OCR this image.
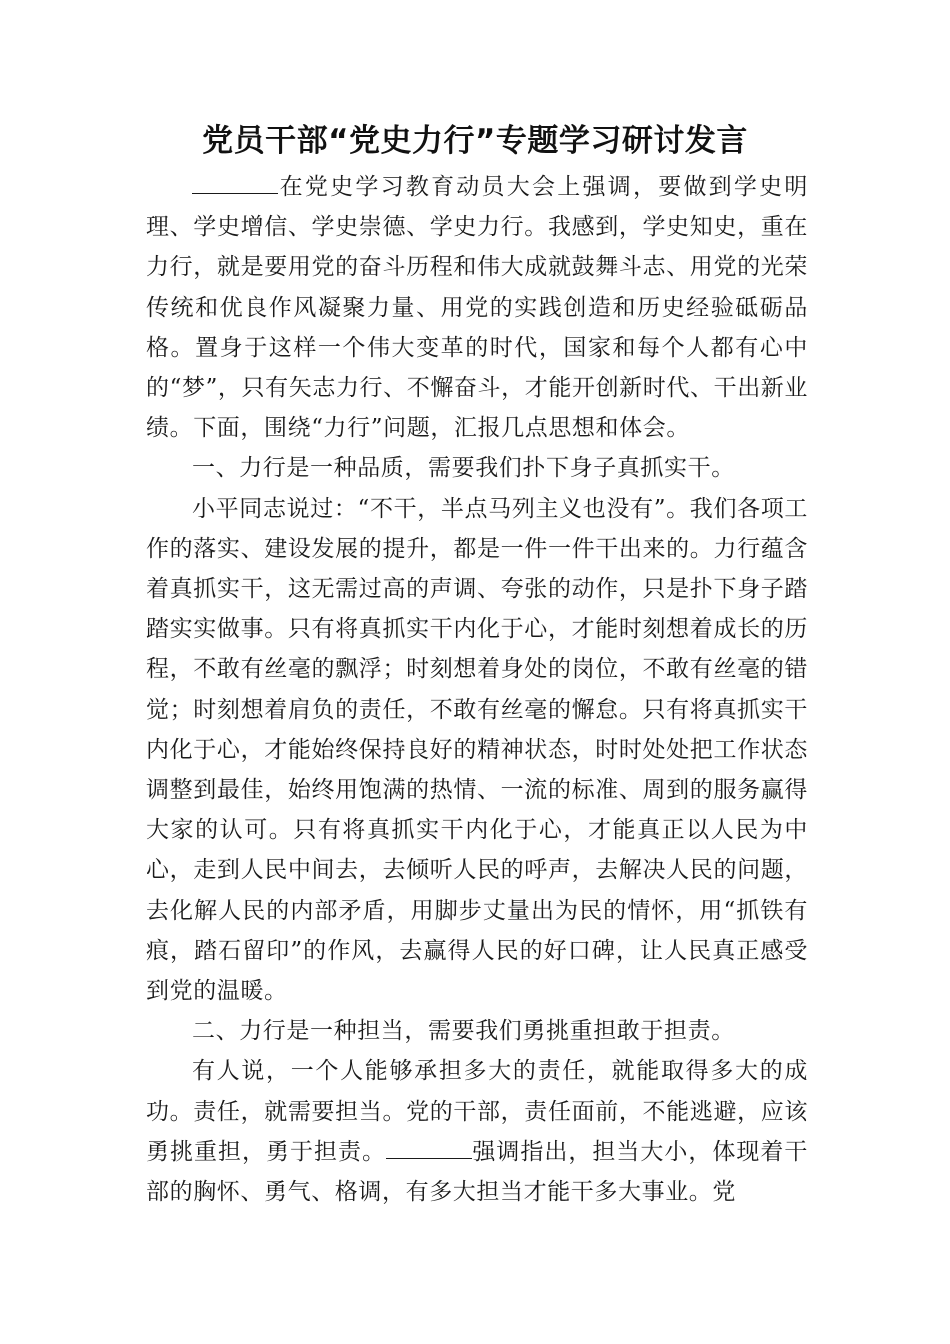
党员干部“党史力行”专题学习研讨发言

在党史学习教育动员大会上强调，要做到学史明理、学史增信、学史崇德、学史力行。我感到，学史知史，重在力行，就是要用党的奋斗历程和伟大成就鼓舞斗志、用党的光荣传统和优良作风凝聚力量、用党的实践创造和历史经验砥砺品格。置身于这样一个伟大变革的时代，国家和每个人都有心中的“梦”，只有矢志力行、不懈奋斗，才能开创新时代、干出新业绩。下面，围绕“力行”问题，汇报几点思想和体会。

一、力行是一种品质，需要我们扑下身子真抓实干。

小平同志说过：“不干，半点马列主义也没有”。我们各项工作的落实、建设发展的提升，都是一件一件干出来的。力行蕴含着真抓实干，这无需过高的声调、夸张的动作，只是扑下身子踏踏实实做事。只有将真抓实干内化于心，才能时刻想着成长的历程，不敢有丝毫的飘浮；时刻想着身处的岗位，不敢有丝毫的错觉；时刻想着肩负的责任，不敢有丝毫的懈怠。只有将真抓实干内化于心，才能始终保持良好的精神状态，时时处处把工作状态调整到最佳，始终用饱满的热情、一流的标准、周到的服务赢得大家的认可。只有将真抓实干内化于心，才能真正以人民为中心，走到人民中间去，去倾听人民的呼声，去解决人民的问题，去化解人民的内部矛盾，用脚步丈量出为民的情怀，用“抓铁有痕，踏石留印”的作风，去赢得人民的好口碑，让人民真正感受到党的温暖。

二、力行是一种担当，需要我们勇挑重担敢于担责。

有人说，一个人能够承担多大的责任，就能取得多大的成功。责任，就需要担当。党的干部，责任面前，不能逃避，应该勇挑重担，勇于担责。	强调指出，担当大小，体现着干部的胸怀、勇气、格调，有多大担当才能干多大事业。党
